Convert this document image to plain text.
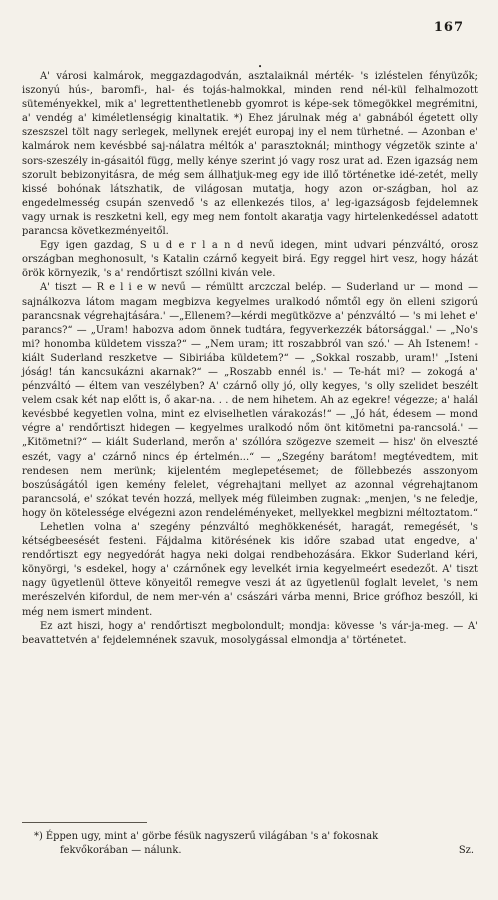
167
•

A' városi kalmárok, meggazdagodván, asztalaiknál mérték- 's izléstelen fényüzők; iszonyú hús-, baromfi-, hal- és tojás-halmokkal, minden rend nél-kül felhalmozott süteményekkel, mik a' legrettenthetlenebb gyomrot is képe-sek tömegökkel megrémitni, a' vendég a' kiméletlenségig kinaltatik. *) Ehez járulnak még a' gabnából égetett olly szeszszel tölt nagy serlegek, mellynek erejét europaj iny el nem türhetné. — Azonban e' kalmárok nem kevésbbé saj-nálatra méltók a' parasztoknál; minthogy végzetök szinte a' sors-szeszély in-gásaitól függ, melly kénye szerint jó vagy rosz urat ad. Ezen igazság nem szorult bebizonyitásra, de még sem állhatjuk-meg egy ide illő történetke idé-zetét, melly kissé bohónak látszhatik, de világosan mutatja, hogy azon or-szágban, hol az engedelmesség csupán szenvedő 's az ellenkezés tilos, a' leg-igazságosb fejdelemnek vagy urnak is reszketni kell, egy meg nem fontolt akaratja vagy hirtelenkedéssel adatott parancsa következményeitől.

Egy igen gazdag, S u d e r l a n d nevű idegen, mint udvari pénzváltó, orosz országban meghonosult, 's Katalin czárnő kegyeit birá. Egy reggel hirt vesz, hogy házát örök környezik, 's a' rendőrtiszt szóllni kiván vele.

A' tiszt — R e l i e w nevű — rémültt arczczal belép. — Suderland ur — mond — sajnálkozva látom magam megbizva kegyelmes uralkodó nőmtől egy ön elleni szigorú parancsnak végrehajtására.' —„Ellenem?—kérdi megütközve a' pénzváltó — 's mi lehet e' parancs?“ — „Uram! habozva adom önnek tudtára, fegyverkezzék bátorsággal.' — „No's mi? honomba küldetem vissza?“ — „Nem uram; itt roszabbról van szó.' — Ah Istenem! - kiált Suderland reszketve — Sibiriába küldetem?“ — „Sokkal roszabb, uram!' „Isteni jóság! tán kancsukázni akarnak?“ — „Roszabb ennél is.' — Te-hát mi? — zokogá a' pénzváltó — éltem van veszélyben? A' czárnő olly jó, olly kegyes, 's olly szelidet beszélt velem csak két nap előtt is, ő akar-na. . . de nem hihetem. Ah az egekre! végezze; a' halál kevésbbé kegyetlen volna, mint ez elviselhetlen várakozás!“ — „Jó hát, édesem — mond végre a' rendőrtiszt hidegen — kegyelmes uralkodó nőm önt kitömetni pa-rancsolá.' — „Kitömetni?“ — kiált Suderland, merőn a' szóllóra szögezve szemeit — hisz' ön elveszté eszét, vagy a' czárnő nincs ép értelmén...“ — „Szegény barátom! megtévedtem, mit rendesen nem merünk; kijelentém meglepetésemet; de föllebbezés asszonyom boszúságától igen kemény felelet, végrehajtani mellyet az azonnal végrehajtanom parancsolá, e' szókat tevén hozzá, mellyek még füleimben zugnak: „menjen, 's ne feledje, hogy ön kötelessége elvégezni azon rendeléményeket, mellyekkel megbizni méltoztatom.“

Lehetlen volna a' szegény pénzváltó meghökkenését, haragát, remegését, 's kétségbeesését festeni. Fájdalma kitörésének kis időre szabad utat engedve, a' rendőrtiszt egy negyedórát hagya neki dolgai rendbehozására. Ekkor Suderland kéri, könyörgi, 's esdekel, hogy a' czárnőnek egy levelkét irnia kegyelmeért esedezőt. A' tiszt nagy ügyetlenül ötteve könyeitől remegve veszi át az ügyetlenül foglalt levelet, 's nem merészelvén kifordul, de nem mer-vén a' császári várba menni, Brice grófhoz beszóll, ki még nem ismert mindent.

Ez azt hiszi, hogy a' rendőrtiszt megbolondult; mondja: kövesse 's vár-ja-meg. — A' beavattetvén a' fejdelemnének szavuk, mosolygással elmondja a' történetet.

*) Éppen ugy, mint a' görbe fésük nagyszerű világában 's a' fokosnak
fekvőkorában — nálunk.	Sz.
